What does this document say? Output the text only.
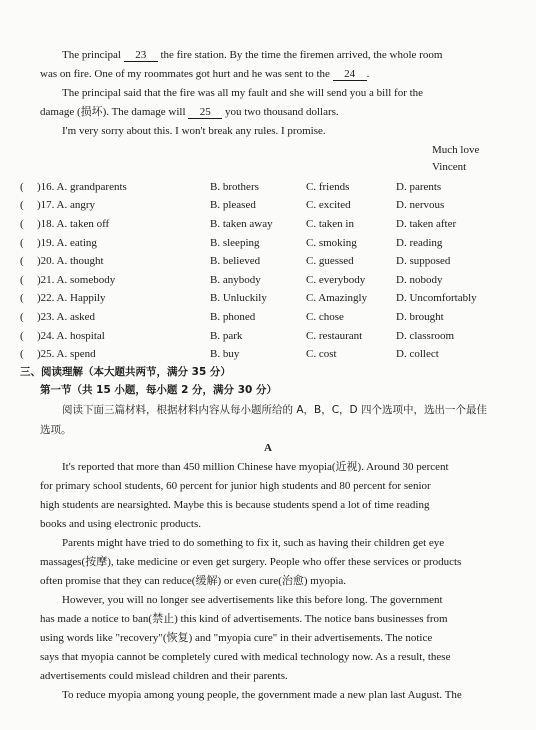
The principal 23 the fire station. By the time the firemen arrived, the whole room
was on fire. One of my roommates got hurt and he was sent to the 24 .
The principal said that the fire was all my fault and she will send you a bill for the
damage (损坏). The damage will 25 you two thousand dollars.
I'm very sorry about this. I won't break any rules. I promise.
Much love
Vincent
( )16. A. grandparents	B. brothers	C. friends	D. parents
( )17. A. angry	B. pleased	C. excited	D. nervous
( )18. A. taken off	B. taken away	C. taken in	D. taken after
( )19. A. eating	B. sleeping	C. smoking	D. reading
( )20. A. thought	B. believed	C. guessed	D. supposed
( )21. A. somebody	B. anybody	C. everybody	D. nobody
( )22. A. Happily	B. Unluckily	C. Amazingly	D. Uncomfortably
( )23. A. asked	B. phoned	C. chose	D. brought
( )24. A. hospital	B. park	C. restaurant	D. classroom
( )25. A. spend	B. buy	C. cost	D. collect
三、阅读理解（本大题共两节，满分 35 分）
第一节（共 15 小题，每小题 2 分，满分 30 分）
阅读下面三篇材料，根据材料内容从每小题所给的 A，B，C，D 四个选项中，选出一个最佳
选项。
A
It's reported that more than 450 million Chinese have myopia(近视). Around 30 percent
for primary school students, 60 percent for junior high students and 80 percent for senior
high students are nearsighted. Maybe this is because students spend a lot of time reading
books and using electronic products.
Parents might have tried to do something to fix it, such as having their children get eye
massages(按摩), take medicine or even get surgery. People who offer these services or products
often promise that they can reduce(缓解) or even cure(治愈) myopia.
However, you will no longer see advertisements like this before long. The government
has made a notice to ban(禁止) this kind of advertisements. The notice bans businesses from
using words like "recovery"(恢复) and "myopia cure" in their advertisements. The notice
says that myopia cannot be completely cured with medical technology now. As a result, these
advertisements could mislead children and their parents.
To reduce myopia among young people, the government made a new plan last August. The
